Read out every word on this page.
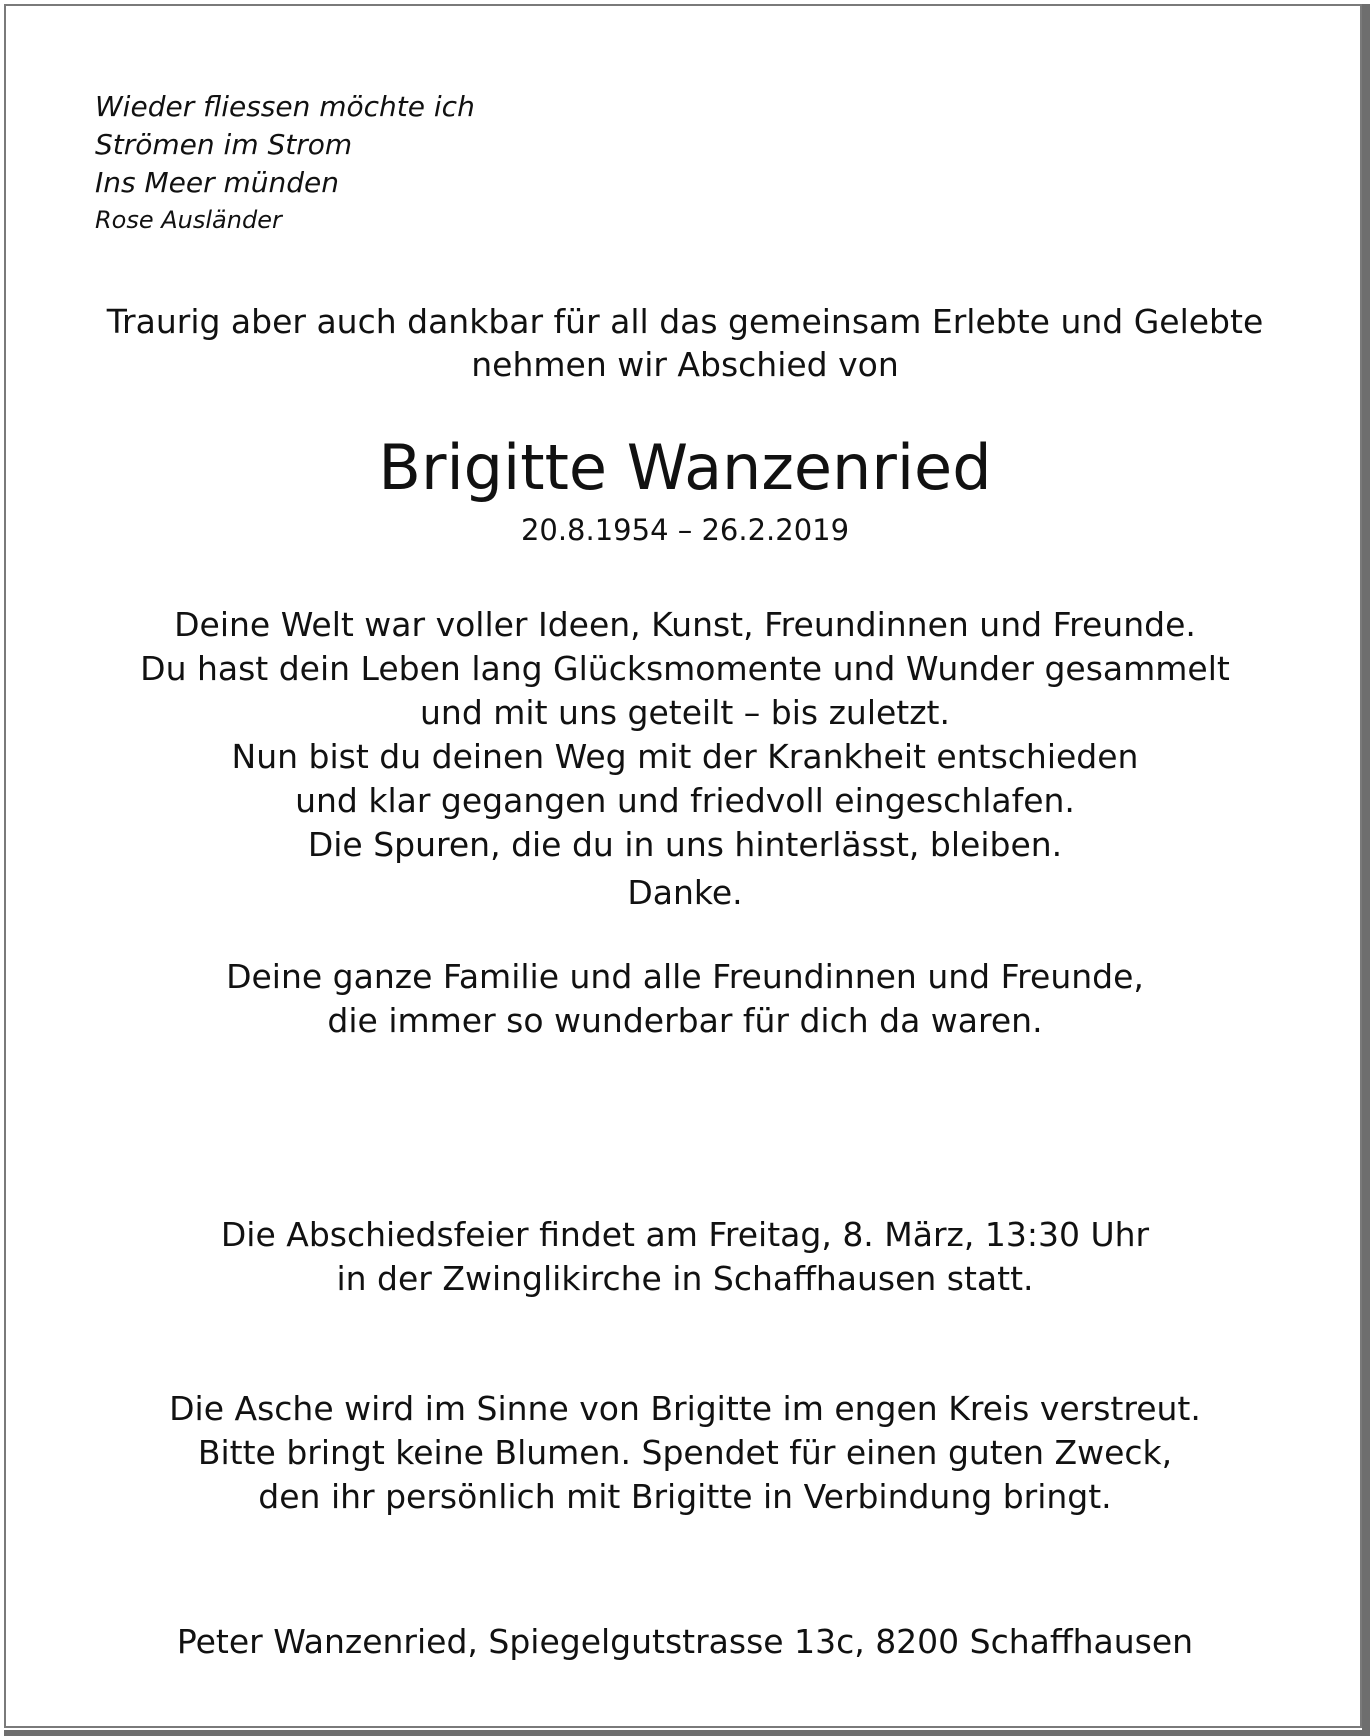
Wieder fliessen möchte ich
Strömen im Strom
Ins Meer münden
Rose Ausländer
Traurig aber auch dankbar für all das gemeinsam Erlebte und Gelebte
nehmen wir Abschied von
Brigitte Wanzenried
20.8.1954 – 26.2.2019
Deine Welt war voller Ideen, Kunst, Freundinnen und Freunde.
Du hast dein Leben lang Glücksmomente und Wunder gesammelt
und mit uns geteilt – bis zuletzt.
Nun bist du deinen Weg mit der Krankheit entschieden
und klar gegangen und friedvoll eingeschlafen.
Die Spuren, die du in uns hinterlässt, bleiben.
Danke.
Deine ganze Familie und alle Freundinnen und Freunde,
die immer so wunderbar für dich da waren.
Die Abschiedsfeier findet am Freitag, 8. März, 13:30 Uhr
in der Zwinglikirche in Schaffhausen statt.
Die Asche wird im Sinne von Brigitte im engen Kreis verstreut.
Bitte bringt keine Blumen. Spendet für einen guten Zweck,
den ihr persönlich mit Brigitte in Verbindung bringt.
Peter Wanzenried, Spiegelgutstrasse 13c, 8200 Schaffhausen
